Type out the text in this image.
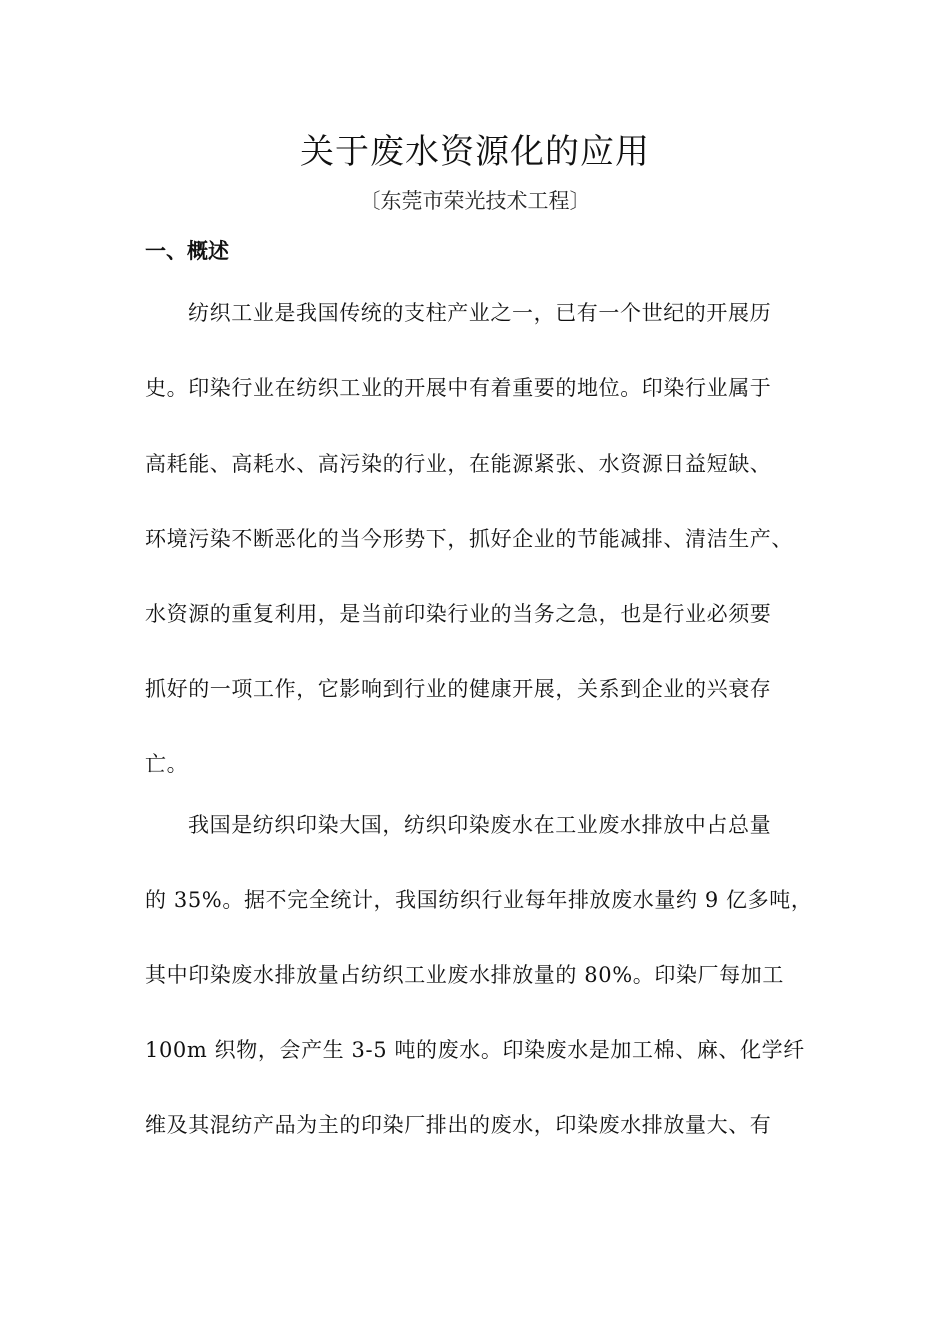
关于废水资源化的应用
〔东莞市荣光技术工程〕
一、概述
纺织工业是我国传统的支柱产业之一，已有一个世纪的开展历
史。印染行业在纺织工业的开展中有着重要的地位。印染行业属于
高耗能、高耗水、高污染的行业，在能源紧张、水资源日益短缺、
环境污染不断恶化的当今形势下，抓好企业的节能减排、清洁生产、
水资源的重复利用，是当前印染行业的当务之急，也是行业必须要
抓好的一项工作，它影响到行业的健康开展，关系到企业的兴衰存
亡。
我国是纺织印染大国，纺织印染废水在工业废水排放中占总量
的 35%。据不完全统计，我国纺织行业每年排放废水量约 9 亿多吨，
其中印染废水排放量占纺织工业废水排放量的 80%。印染厂每加工
100m 织物，会产生 3-5 吨的废水。印染废水是加工棉、麻、化学纤
维及其混纺产品为主的印染厂排出的废水，印染废水排放量大、有
